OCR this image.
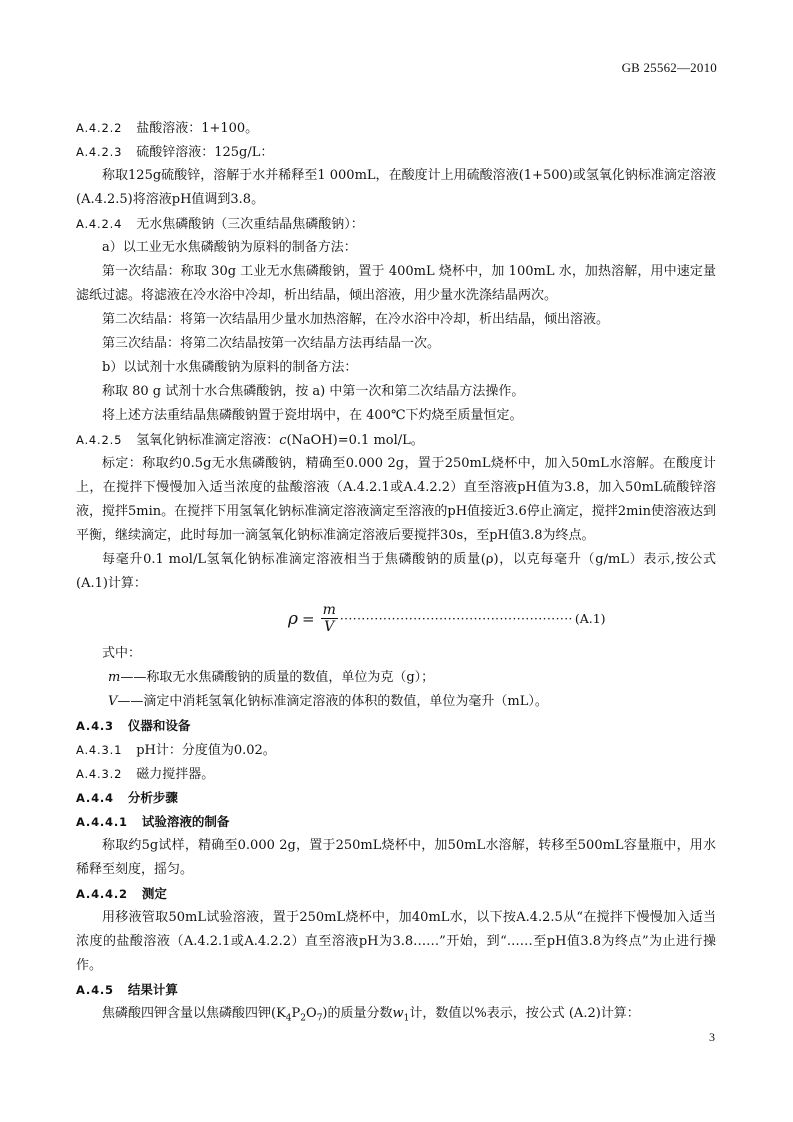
GB 25562—2010
A.4.2.2 盐酸溶液：1+100。
A.4.2.3 硫酸锌溶液：125g/L：
称取125g硫酸锌，溶解于水并稀释至1 000mL，在酸度计上用硫酸溶液(1+500)或氢氧化钠标准滴定溶液(A.4.2.5)将溶液pH值调到3.8。
A.4.2.4 无水焦磷酸钠（三次重结晶焦磷酸钠）：
a）以工业无水焦磷酸钠为原料的制备方法：
第一次结晶：称取 30g 工业无水焦磷酸钠，置于 400mL 烧杯中，加 100mL 水，加热溶解，用中速定量滤纸过滤。将滤液在冷水浴中冷却，析出结晶，倾出溶液，用少量水洗涤结晶两次。
第二次结晶：将第一次结晶用少量水加热溶解，在冷水浴中冷却，析出结晶，倾出溶液。
第三次结晶：将第二次结晶按第一次结晶方法再结晶一次。
b）以试剂十水焦磷酸钠为原料的制备方法：
称取 80 g 试剂十水合焦磷酸钠，按 a) 中第一次和第二次结晶方法操作。
将上述方法重结晶焦磷酸钠置于瓷坩埚中，在 400℃下灼烧至质量恒定。
A.4.2.5 氢氧化钠标准滴定溶液：c(NaOH)=0.1 mol/L。
标定：称取约0.5g无水焦磷酸钠，精确至0.000 2g，置于250mL烧杯中，加入50mL水溶解。在酸度计上，在搅拌下慢慢加入适当浓度的盐酸溶液（A.4.2.1或A.4.2.2）直至溶液pH值为3.8，加入50mL硫酸锌溶液，搅拌5min。在搅拌下用氢氧化钠标准滴定溶液滴定至溶液的pH值接近3.6停止滴定，搅拌2min使溶液达到平衡，继续滴定，此时每加一滴氢氧化钠标准滴定溶液后要搅拌30s，至pH值3.8为终点。
每毫升0.1 mol/L氢氧化钠标准滴定溶液相当于焦磷酸钠的质量(ρ)，以克每毫升（g/mL）表示,按公式(A.1)计算：
$\rho = \frac{m}{V}$ ······················································ (A.1)
式中：
m——称取无水焦磷酸钠的质量的数值，单位为克（g）；
V——滴定中消耗氢氧化钠标准滴定溶液的体积的数值，单位为毫升（mL）。
A.4.3 仪器和设备
A.4.3.1 pH计：分度值为0.02。
A.4.3.2 磁力搅拌器。
A.4.4 分析步骤
A.4.4.1 试验溶液的制备
称取约5g试样，精确至0.000 2g，置于250mL烧杯中，加50mL水溶解，转移至500mL容量瓶中，用水稀释至刻度，摇匀。
A.4.4.2 测定
用移液管取50mL试验溶液，置于250mL烧杯中，加40mL水，以下按A.4.2.5从“在搅拌下慢慢加入适当浓度的盐酸溶液（A.4.2.1或A.4.2.2）直至溶液pH为3.8……”开始，到“……至pH值3.8为终点”为止进行操作。
A.4.5 结果计算
焦磷酸四钾含量以焦磷酸四钾$(K_4P_2O_7)$的质量分数$w_1$计，数值以%表示，按公式 (A.2)计算：
3
